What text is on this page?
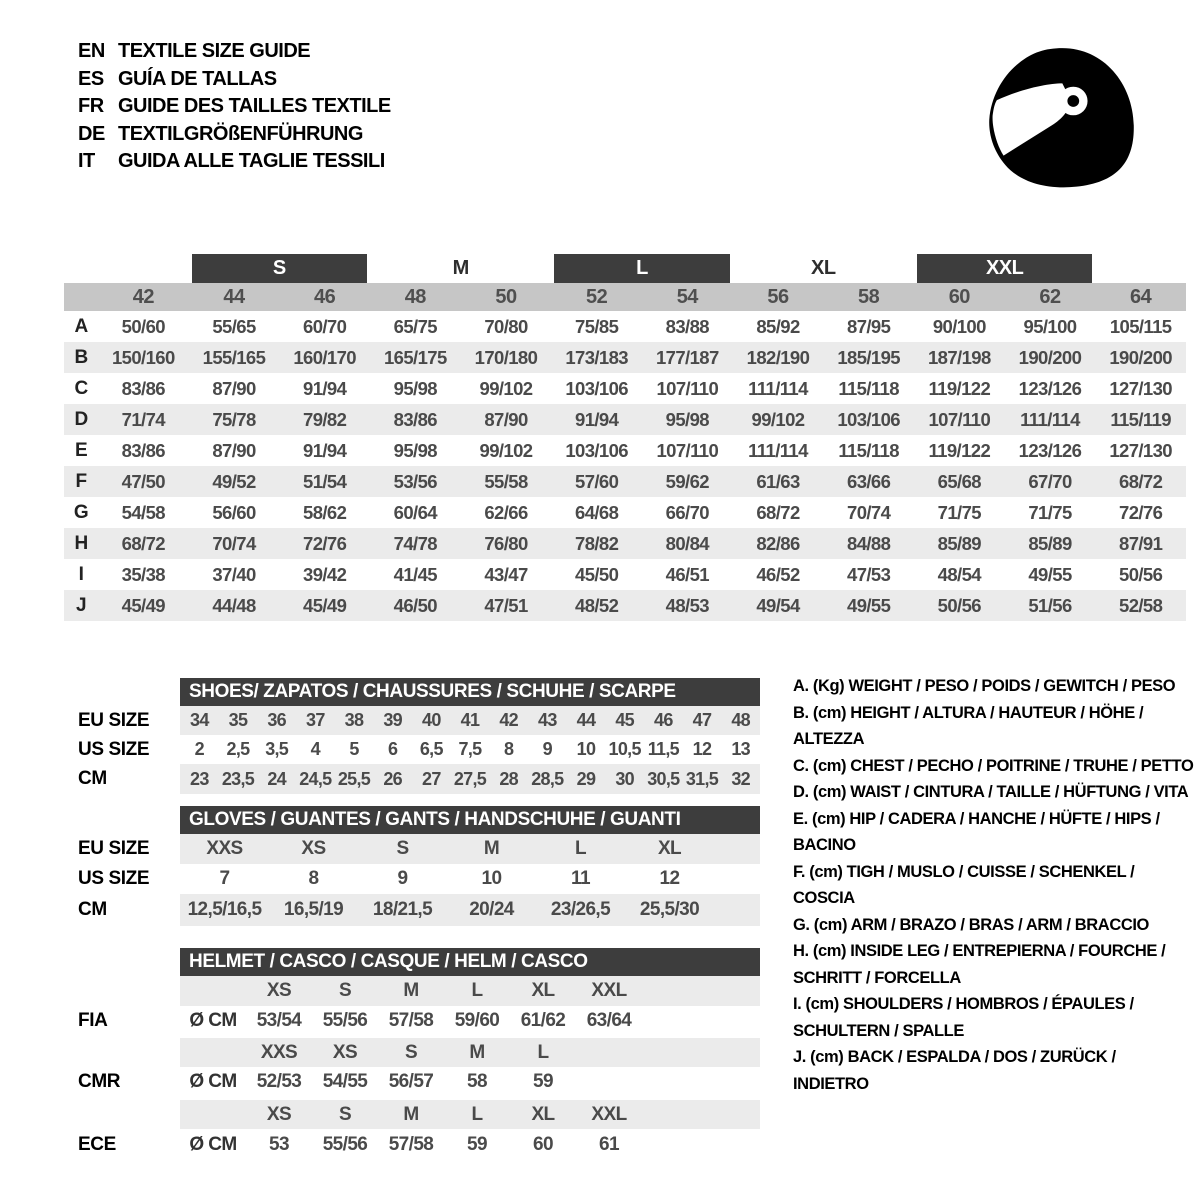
EN TEXTILE SIZE GUIDE
ES GUÍA DE TALLAS
FR GUIDE DES TAILLES TEXTILE
DE TEXTILGRÖßENFÜHRUNG
IT	GUIDA ALLE TAGLIE TESSILI
S	M	L	XL	XXL
42	44	46	48	50	52	54	56	58	60	62	64
A	50/60	55/65	60/70	65/75	70/80	75/85	83/88	85/92	87/95	90/100	95/100	105/115
B	150/160	155/165	160/170	165/175	170/180	173/183	177/187	182/190	185/195	187/198	190/200	190/200
C	83/86	87/90	91/94	95/98	99/102	103/106	107/110	111/114	115/118	119/122	123/126	127/130
D	71/74	75/78	79/82	83/86	87/90	91/94	95/98	99/102	103/106	107/110	111/114	115/119
E	83/86	87/90	91/94	95/98	99/102	103/106	107/110	111/114	115/118	119/122	123/126	127/130
F	47/50	49/52	51/54	53/56	55/58	57/60	59/62	61/63	63/66	65/68	67/70	68/72
G	54/58	56/60	58/62	60/64	62/66	64/68	66/70	68/72	70/74	71/75	71/75	72/76
H	68/72	70/74	72/76	74/78	76/80	78/82	80/84	82/86	84/88	85/89	85/89	87/91
I	35/38	37/40	39/42	41/45	43/47	45/50	46/51	46/52	47/53	48/54	49/55	50/56
J	45/49	44/48	45/49	46/50	47/51	48/52	48/53	49/54	49/55	50/56	51/56	52/58
SHOES/ ZAPATOS / CHAUSSURES / SCHUHE / SCARPE
EU SIZE
US SIZE
CM
34	35	36	37	38	39	40	41	42	43	44	45	46	47	48
2	2,5 3,5	4	5	6	6,5 7,5	8	9	10 10,5 11,5 12	13
23 23,5 24 24,5 25,5 26	27 27,5 28 28,5 29	30 30,5 31,5 32
GLOVES / GUANTES / GANTS / HANDSCHUHE / GUANTI
EU SIZE
US SIZE
CM
XXS	XS	S	M	L	XL
7	8	9	10	11	12
12,5/16,5	16,5/19	18/21,5	20/24	23/26,5	25,5/30
HELMET / CASCO / CASQUE / HELM / CASCO
FIA
CMR
ECE
XS	S	M	L	XL	XXL
Ø CM	53/54	55/56	57/58	59/60	61/62	63/64
XXS	XS	S	M	L
Ø CM	52/53	54/55	56/57	58	59
XS	S	M	L	XL	XXL
Ø CM	53	55/56	57/58	59	60	61
A. (Kg) WEIGHT / PESO / POIDS / GEWITCH / PESO
B. (cm) HEIGHT / ALTURA / HAUTEUR / HÖHE / ALTEZZA
C. (cm) CHEST / PECHO / POITRINE / TRUHE / PETTO
D. (cm) WAIST / CINTURA / TAILLE / HÜFTUNG / VITA
E. (cm) HIP / CADERA / HANCHE / HÜFTE / HIPS / BACINO
F. (cm) TIGH / MUSLO / CUISSE / SCHENKEL / COSCIA
G. (cm) ARM / BRAZO / BRAS / ARM / BRACCIO
H. (cm) INSIDE LEG / ENTREPIERNA / FOURCHE / SCHRITT / FORCELLA
I. (cm) SHOULDERS / HOMBROS / ÉPAULES / SCHULTERN / SPALLE
J. (cm) BACK / ESPALDA / DOS / ZURÜCK / INDIETRO
